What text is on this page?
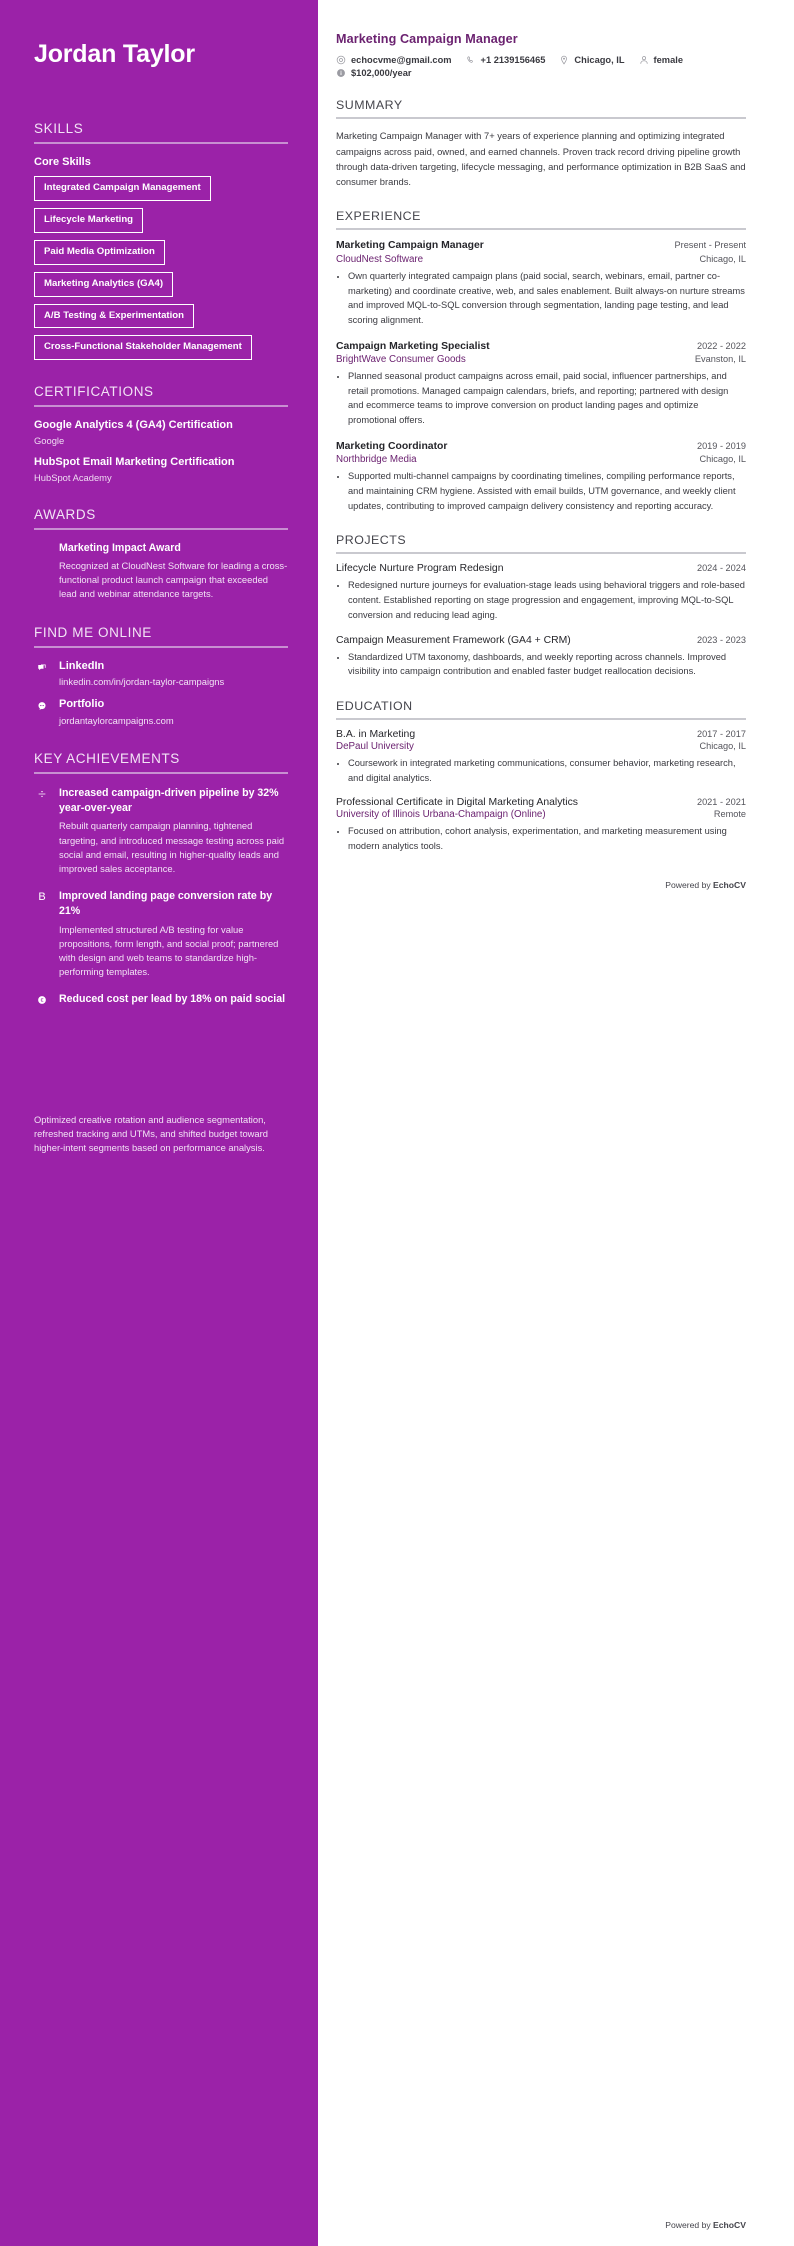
Jordan Taylor
SKILLS
Core Skills
Integrated Campaign Management
Lifecycle Marketing
Paid Media Optimization
Marketing Analytics (GA4)
A/B Testing & Experimentation
Cross-Functional Stakeholder Management
CERTIFICATIONS
Google Analytics 4 (GA4) Certification
Google
HubSpot Email Marketing Certification
HubSpot Academy
AWARDS
Marketing Impact Award
Recognized at CloudNest Software for leading a cross-functional product launch campaign that exceeded lead and webinar attendance targets.
FIND ME ONLINE
LinkedIn
linkedin.com/in/jordan-taylor-campaigns
Portfolio
jordantaylorcampaigns.com
KEY ACHIEVEMENTS
Increased campaign-driven pipeline by 32% year-over-year
Rebuilt quarterly campaign planning, tightened targeting, and introduced message testing across paid social and email, resulting in higher-quality leads and improved sales acceptance.
B	Improved landing page conversion rate by 21%
Implemented structured A/B testing for value propositions, form length, and social proof; partnered with design and web teams to standardize high-performing templates.
€ Reduced cost per lead by 18% on paid social
Optimized creative rotation and audience segmentation, refreshed tracking and UTMs, and shifted budget toward higher-intent segments based on performance analysis.
Marketing Campaign Manager
echocvme@gmail.com	+1 2139156465	Chicago, IL	female
$102,000/year
SUMMARY

Marketing Campaign Manager with 7+ years of experience planning and optimizing integrated campaigns across paid, owned, and earned channels. Proven track record driving pipeline growth through data-driven targeting, lifecycle messaging, and performance optimization in B2B SaaS and consumer brands.

EXPERIENCE
Marketing Campaign Manager	Present - Present
CloudNest Software	Chicago, IL
• Own quarterly integrated campaign plans (paid social, search, webinars, email, partner co-marketing) and coordinate creative, web, and sales enablement. Built always-on nurture streams and improved MQL-to-SQL conversion through segmentation, landing page testing, and lead scoring alignment.
Campaign Marketing Specialist	2022 - 2022
BrightWave Consumer Goods	Evanston, IL
• Planned seasonal product campaigns across email, paid social, influencer partnerships, and retail promotions. Managed campaign calendars, briefs, and reporting; partnered with design and ecommerce teams to improve conversion on product landing pages and optimize promotional offers.
Marketing Coordinator	2019 - 2019
Northbridge Media	Chicago, IL
• Supported multi-channel campaigns by coordinating timelines, compiling performance reports, and maintaining CRM hygiene. Assisted with email builds, UTM governance, and weekly client updates, contributing to improved campaign delivery consistency and reporting accuracy.
PROJECTS
Lifecycle Nurture Program Redesign	2024 - 2024
• Redesigned nurture journeys for evaluation-stage leads using behavioral triggers and role-based content. Established reporting on stage progression and engagement, improving MQL-to-SQL conversion and reducing lead aging.
Campaign Measurement Framework (GA4 + CRM)	2023 - 2023
• Standardized UTM taxonomy, dashboards, and weekly reporting across channels. Improved visibility into campaign contribution and enabled faster budget reallocation decisions.
EDUCATION
B.A. in Marketing	2017 - 2017
DePaul University	Chicago, IL
• Coursework in integrated marketing communications, consumer behavior, marketing research, and digital analytics.
Professional Certificate in Digital Marketing Analytics	2021 - 2021
University of Illinois Urbana-Champaign (Online)	Remote
• Focused on attribution, cohort analysis, experimentation, and marketing measurement using modern analytics tools.
Powered by EchoCV
Powered by EchoCV
